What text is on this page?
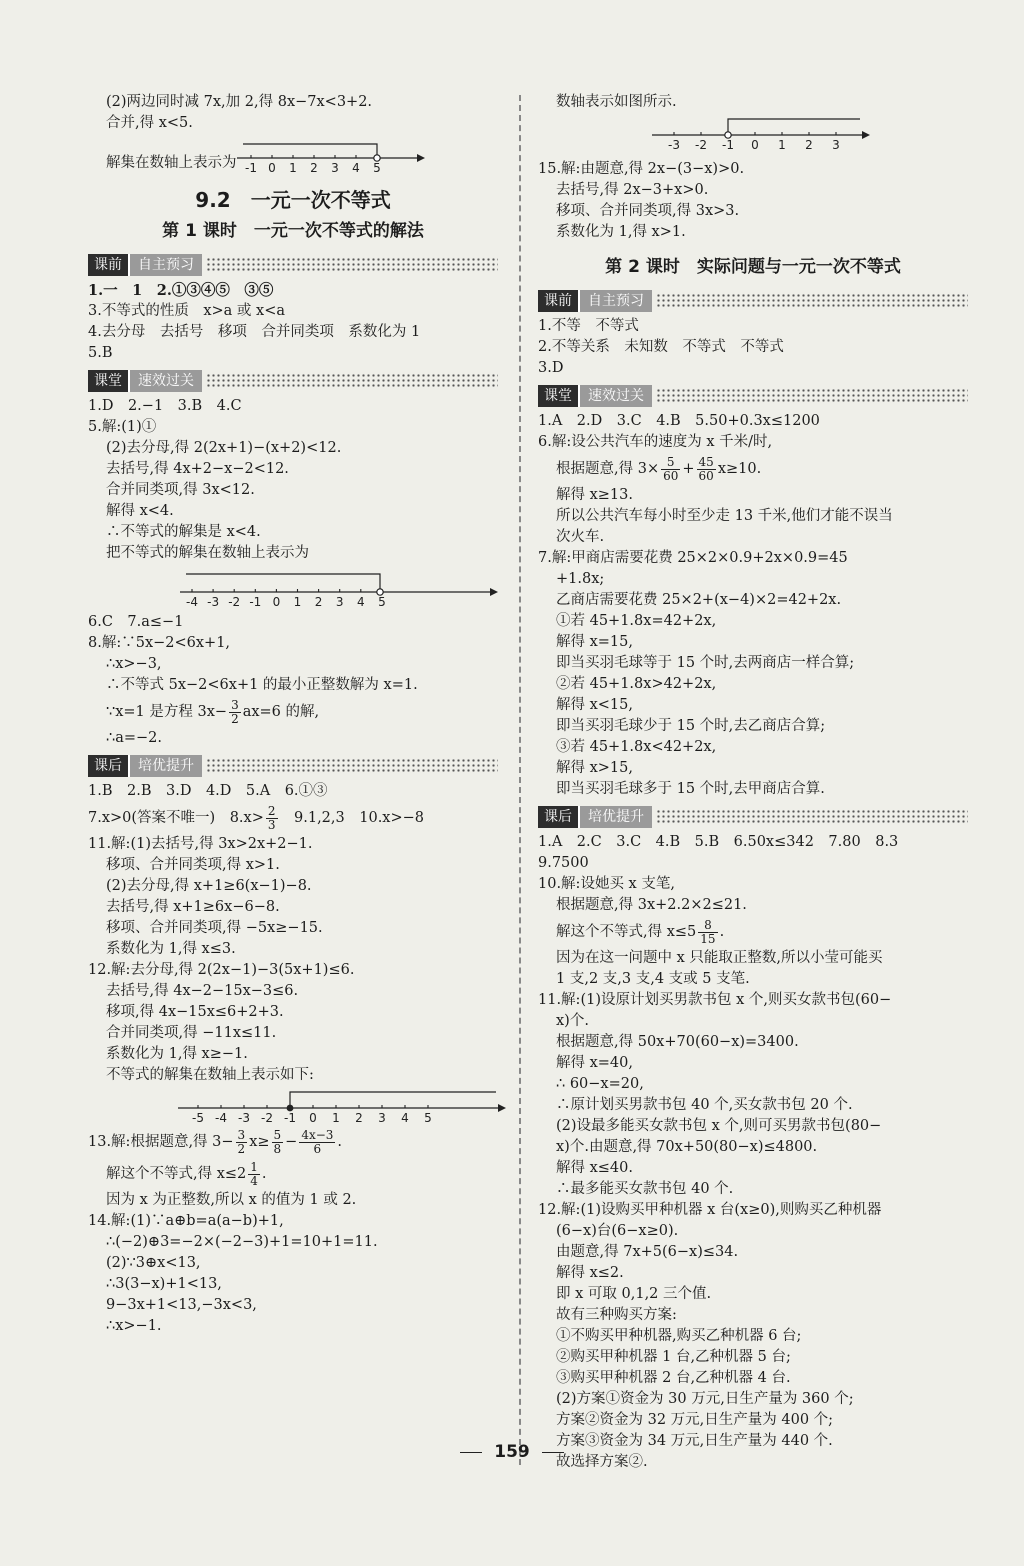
(2)两边同时减 7x,加 2,得 8x−7x<3+2.
合并,得 x<5.
解集在数轴上表示为 -1 0 1 2 3 4 5
9.2　一元一次不等式
第 1 课时　一元一次不等式的解法
课前	自主预习
1.一　1　2.①③④⑤　③⑤
3.不等式的性质　x>a 或 x<a
4.去分母　去括号　移项　合并同类项　系数化为 1
5.B
课堂	速效过关
1.D　2.−1　3.B　4.C
5.解:(1)①
(2)去分母,得 2(2x+1)−(x+2)<12.
去括号,得 4x+2−x−2<12.
合并同类项,得 3x<12.
解得 x<4.
∴不等式的解集是 x<4.
把不等式的解集在数轴上表示为
-4 -3 -2 -1 0 1 2 3 4 5
6.C　7.a≤−1
8.解:∵5x−2<6x+1,
∴x>−3,
∴不等式 5x−2<6x+1 的最小正整数解为 x=1.
∵x=1 是方程 $3x- \frac{3}{2} ax=6$ 的解,
∴a=−2.
课后	培优提升
1.B　2.B　3.D　4.D　5.A　6.①③
7.x>0(答案不唯一)　$8.x> \frac{2}{3}$ 　9.1,2,3　10.x>−8
11.解:(1)去括号,得 3x>2x+2−1.
移项、合并同类项,得 x>1.
(2)去分母,得 x+1≥6(x−1)−8.
去括号,得 x+1≥6x−6−8.
移项、合并同类项,得 −5x≥−15.
系数化为 1,得 x≤3.
12.解:去分母,得 2(2x−1)−3(5x+1)≤6.
去括号,得 4x−2−15x−3≤6.
移项,得 4x−15x≤6+2+3.
合并同类项,得 −11x≤11.
系数化为 1,得 x≥−1.
不等式的解集在数轴上表示如下:
-5 -4 -3 -2 -1 0 1 2 3 4 5
13.解:根据题意,得 $3- \frac{3}{2} x\ge \frac{5}{8} - \frac{4x-3}{6}$ .
解这个不等式,得 $x\le 2 \frac{1}{4}$ .
因为 x 为正整数,所以 x 的值为 1 或 2.
14.解:(1)∵a⊕b=a(a−b)+1,
∴(−2)⊕3=−2×(−2−3)+1=10+1=11.
(2)∵3⊕x<13,
∴3(3−x)+1<13,
9−3x+1<13,−3x<3,
∴x>−1.
数轴表示如图所示.
-3 -2 -1 0 1 2 3
15.解:由题意,得 2x−(3−x)>0.
去括号,得 2x−3+x>0.
移项、合并同类项,得 3x>3.
系数化为 1,得 x>1.
第 2 课时　实际问题与一元一次不等式
课前	自主预习
1.不等　不等式
2.不等关系　未知数　不等式　不等式
3.D
课堂	速效过关
1.A　2.D　3.C　4.B　5.50+0.3x≤1200
6.解:设公共汽车的速度为 x 千米/时,
根据题意,得 $3\times \frac{5}{60} + \frac{45}{60} x\ge 10$.
解得 x≥13.
所以公共汽车每小时至少走 13 千米,他们才能不误当
次火车.
7.解:甲商店需要花费 25×2×0.9+2x×0.9=45
+1.8x;
乙商店需要花费 25×2+(x−4)×2=42+2x.
①若 45+1.8x=42+2x,
解得 x=15,
即当买羽毛球等于 15 个时,去两商店一样合算;
②若 45+1.8x>42+2x,
解得 x<15,
即当买羽毛球少于 15 个时,去乙商店合算;
③若 45+1.8x<42+2x,
解得 x>15,
即当买羽毛球多于 15 个时,去甲商店合算.
课后	培优提升
1.A　2.C　3.C　4.B　5.B　6.50x≤342　7.80　8.3
9.7500
10.解:设她买 x 支笔,
根据题意,得 3x+2.2×2≤21.
解这个不等式,得 $x\le 5 \frac{8}{15}$ .
因为在这一问题中 x 只能取正整数,所以小莹可能买
1 支,2 支,3 支,4 支或 5 支笔.
11.解:(1)设原计划买男款书包 x 个,则买女款书包(60−
x)个.
根据题意,得 50x+70(60−x)=3400.
解得 x=40,
∴ 60−x=20,
∴原计划买男款书包 40 个,买女款书包 20 个.
(2)设最多能买女款书包 x 个,则可买男款书包(80−
x)个.由题意,得 70x+50(80−x)≤4800.
解得 x≤40.
∴最多能买女款书包 40 个.
12.解:(1)设购买甲种机器 x 台(x≥0),则购买乙种机器
(6−x)台(6−x≥0).
由题意,得 7x+5(6−x)≤34.
解得 x≤2.
即 x 可取 0,1,2 三个值.
故有三种购买方案:
①不购买甲种机器,购买乙种机器 6 台;
②购买甲种机器 1 台,乙种机器 5 台;
③购买甲种机器 2 台,乙种机器 4 台.
(2)方案①资金为 30 万元,日生产量为 360 个;
方案②资金为 32 万元,日生产量为 400 个;
方案③资金为 34 万元,日生产量为 440 个.
故选择方案②.
159
